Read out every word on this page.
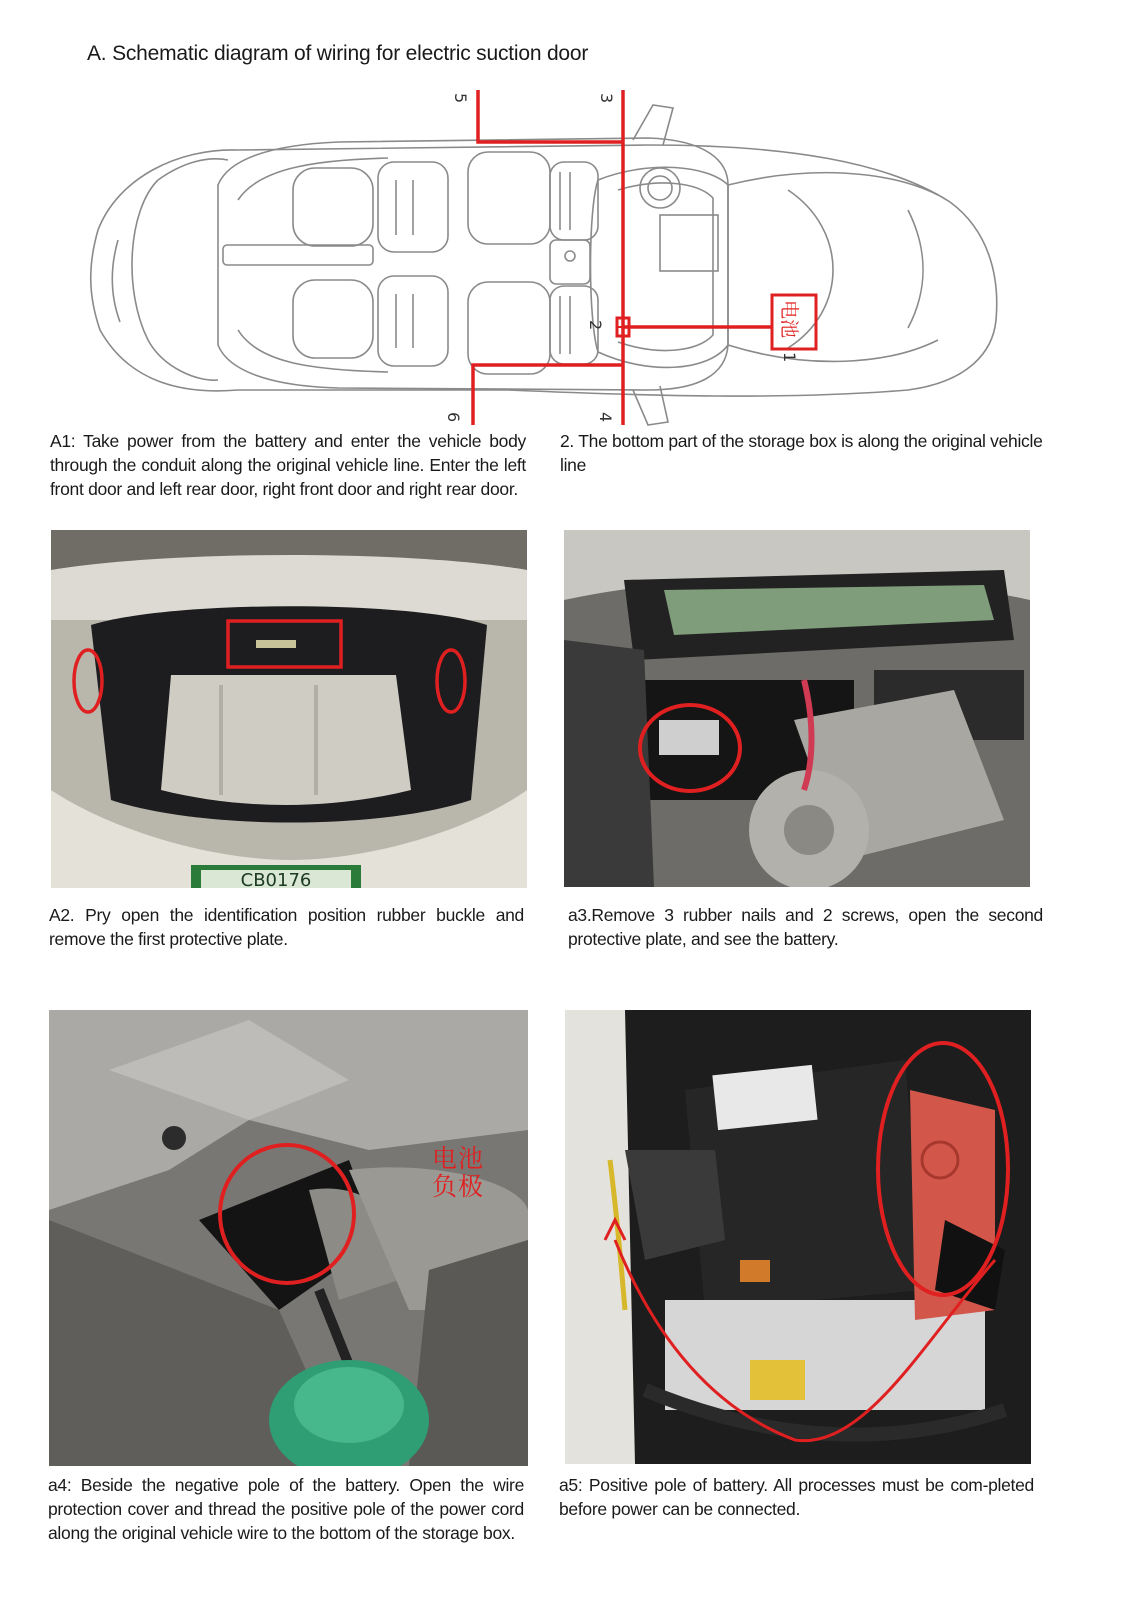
A. Schematic diagram of wiring for electric suction door
5	3
2
6	4
1
电池
A1: Take power from the battery and enter the vehicle body through the conduit along the original vehicle line. Enter the left front door and left rear door, right front door and right rear door.
2. The bottom part of the storage box is along the original vehicle line
CB0176
A2. Pry open the identification position rubber buckle and remove the first protective plate.
a3.Remove 3 rubber nails and 2 screws, open the second protective plate, and see the battery.
电池
负极
a4: Beside the negative pole of the battery. Open the wire protection cover and thread the positive pole of the power cord along the original vehicle wire to the bottom of the storage box.
a5: Positive pole of battery. All processes must be com-pleted before power can be connected.
